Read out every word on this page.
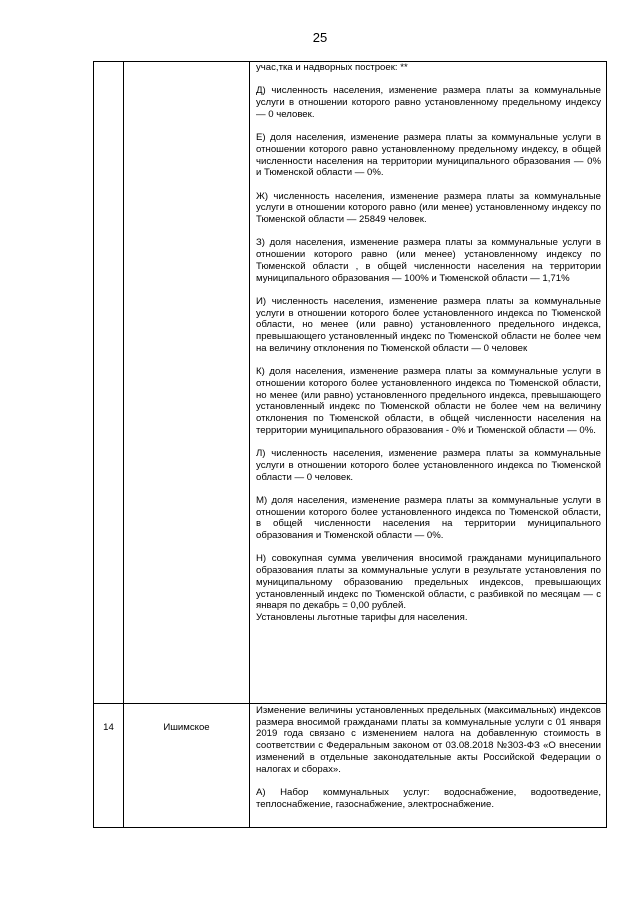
25

учас,тка и надворных построек: **

Д) численность населения, изменение размера платы за коммунальные услуги в отношении которого равно установленному предельному индексу — 0 человек.

Е) доля населения, изменение размера платы за коммунальные услуги в отношении которого равно установленному предельному индексу, в общей численности населения на территории муниципального образования — 0% и Тюменской области — 0%.

Ж) численность населения, изменение размера платы за коммунальные услуги в отношении которого равно (или менее) установленному индексу по Тюменской области — 25849 человек.

З) доля населения, изменение размера платы за коммунальные услуги в отношении которого равно (или менее) установленному индексу по Тюменской области , в общей численности населения на территории муниципального образования — 100% и Тюменской области — 1,71%

И) численность населения, изменение размера платы за коммунальные услуги в отношении которого более установленного индекса по Тюменской области, но менее (или равно) установленного предельного индекса, превышающего установленный индекс по Тюменской области не более чем на величину отклонения по Тюменской области — 0 человек

К) доля населения, изменение размера платы за коммунальные услуги в отношении которого более установленного индекса по Тюменской области, но менее (или равно) установленного предельного индекса, превышающего установленный индекс по Тюменской области не более чем на величину отклонения по Тюменской области, в общей численности населения на территории муниципального образования - 0% и Тюменской области — 0%.

Л) численность населения, изменение размера платы за коммунальные услуги в отношении которого более установленного индекса по Тюменской области — 0 человек.

М) доля населения, изменение размера платы за коммунальные услуги в отношении которого более установленного индекса по Тюменской области, в общей численности населения на территории муниципального образования и Тюменской области — 0%.

Н) совокупная сумма увеличения вносимой гражданами муниципального образования платы за коммунальные услуги в результате установления по муниципальному образованию предельных индексов, превышающих установленный индекс по Тюменской области, с разбивкой по месяцам — с января по декабрь = 0,00 рублей.

Установлены льготные тарифы для населения.

14	Ишимское

Изменение величины установленных предельных (максимальных) индексов размера вносимой гражданами платы за коммунальные услуги с 01 января 2019 года связано с изменением налога на добавленную стоимость в соответствии с Федеральным законом от 03.08.2018 №303-ФЗ «О внесении изменений в отдельные законодательные акты Российской Федерации о налогах и сборах».

А) Набор коммунальных услуг: водоснабжение, водоотведение, теплоснабжение, газоснабжение, электроснабжение.
